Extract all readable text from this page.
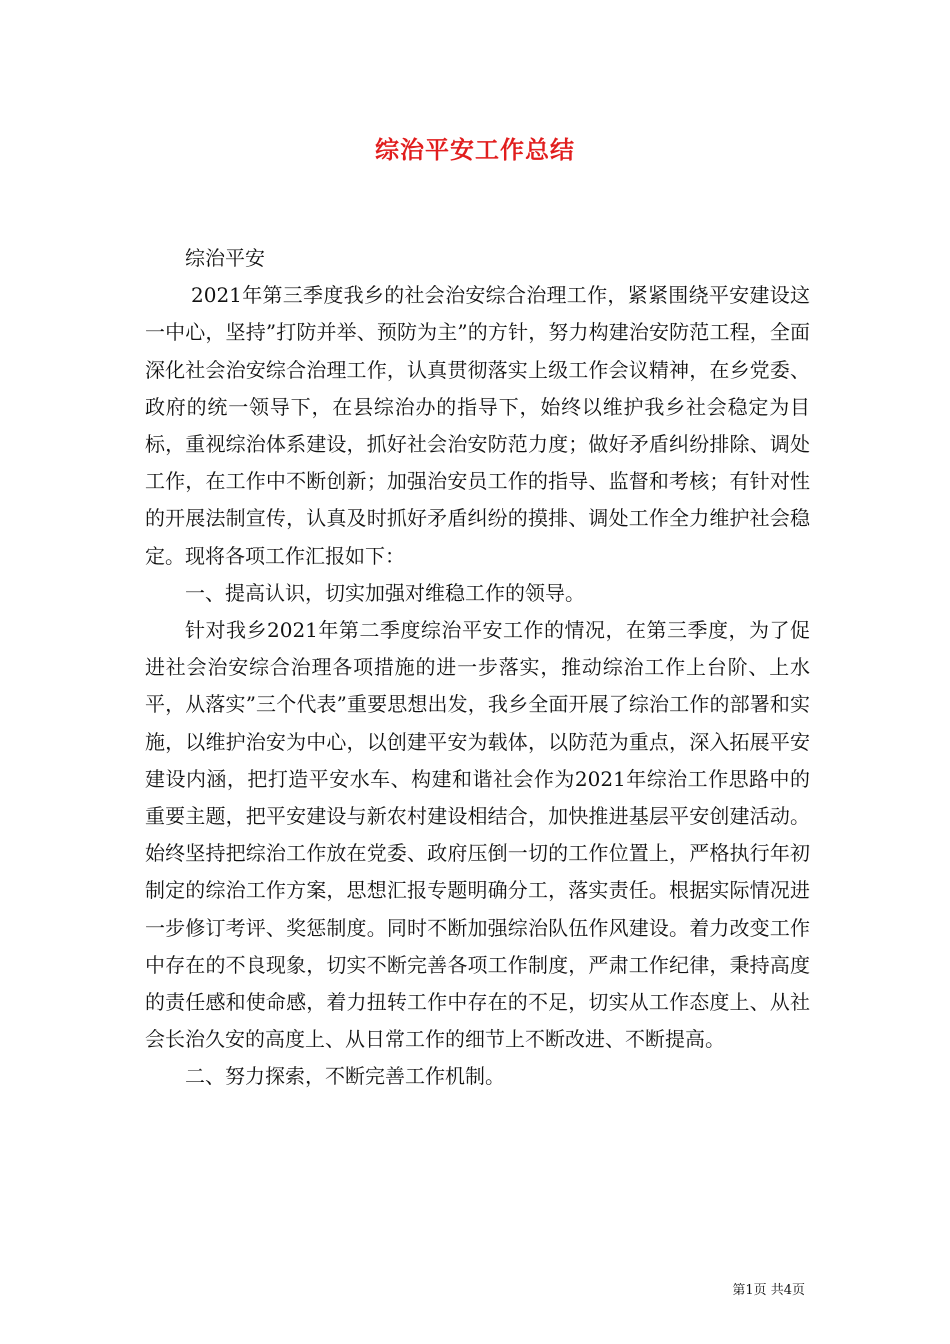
综治平安工作总结

综治平安

2021年第三季度我乡的社会治安综合治理工作，紧紧围绕平安建设这一中心，坚持”打防并举、预防为主”的方针，努力构建治安防范工程，全面深化社会治安综合治理工作，认真贯彻落实上级工作会议精神，在乡党委、政府的统一领导下，在县综治办的指导下，始终以维护我乡社会稳定为目标，重视综治体系建设，抓好社会治安防范力度；做好矛盾纠纷排除、调处工作，在工作中不断创新；加强治安员工作的指导、监督和考核；有针对性的开展法制宣传，认真及时抓好矛盾纠纷的摸排、调处工作全力维护社会稳定。现将各项工作汇报如下：

一、提高认识，切实加强对维稳工作的领导。

针对我乡2021年第二季度综治平安工作的情况，在第三季度，为了促进社会治安综合治理各项措施的进一步落实，推动综治工作上台阶、上水平，从落实”三个代表”重要思想出发，我乡全面开展了综治工作的部署和实施，以维护治安为中心，以创建平安为载体，以防范为重点，深入拓展平安建设内涵，把打造平安水车、构建和谐社会作为2021年综治工作思路中的重要主题，把平安建设与新农村建设相结合，加快推进基层平安创建活动。始终坚持把综治工作放在党委、政府压倒一切的工作位置上，严格执行年初制定的综治工作方案，思想汇报专题明确分工，落实责任。根据实际情况进一步修订考评、奖惩制度。同时不断加强综治队伍作风建设。着力改变工作中存在的不良现象，切实不断完善各项工作制度，严肃工作纪律，秉持高度的责任感和使命感，着力扭转工作中存在的不足，切实从工作态度上、从社会长治久安的高度上、从日常工作的细节上不断改进、不断提高。

二、努力探索，不断完善工作机制。

第1页 共4页
